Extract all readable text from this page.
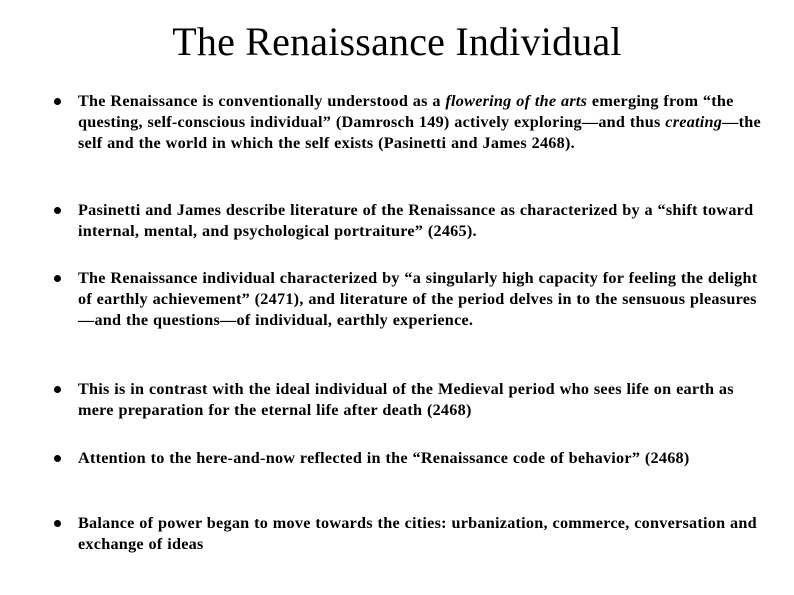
The Renaissance Individual

The Renaissance is conventionally understood as a flowering of the arts emerging from “the questing, self-conscious individual” (Damrosch 149) actively exploring—and thus creating—the self and the world in which the self exists (Pasinetti and James 2468).

Pasinetti and James describe literature of the Renaissance as characterized by a “shift toward internal, mental, and psychological portraiture” (2465).

The Renaissance individual characterized by “a singularly high capacity for feeling the delight of earthly achievement” (2471), and literature of the period delves in to the sensuous pleasures—and the questions—of individual, earthly experience.

This is in contrast with the ideal individual of the Medieval period who sees life on earth as mere preparation for the eternal life after death (2468)

Attention to the here-and-now reflected in the “Renaissance code of behavior” (2468)

Balance of power began to move towards the cities: urbanization, commerce, conversation and exchange of ideas
